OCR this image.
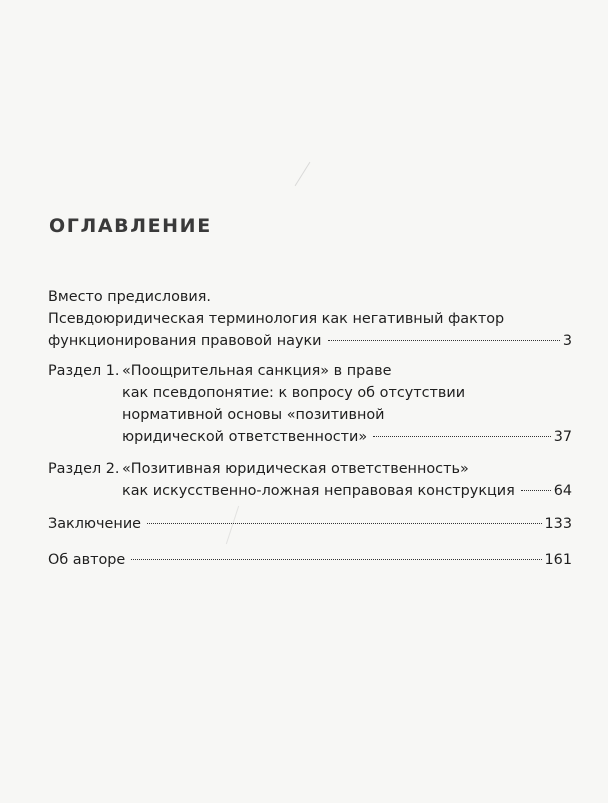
ОГЛАВЛЕНИЕ
Вместо предисловия.
Псевдоюридическая терминология как негативный фактор
функционирования правовой науки	3
Раздел 1. «Поощрительная санкция» в праве
как псевдопонятие: к вопросу об отсутствии
нормативной основы «позитивной
юридической ответственности»	37
Раздел 2. «Позитивная юридическая ответственность»
как искусственно-ложная неправовая конструкция	64
Заключение	133
Об авторе	161
